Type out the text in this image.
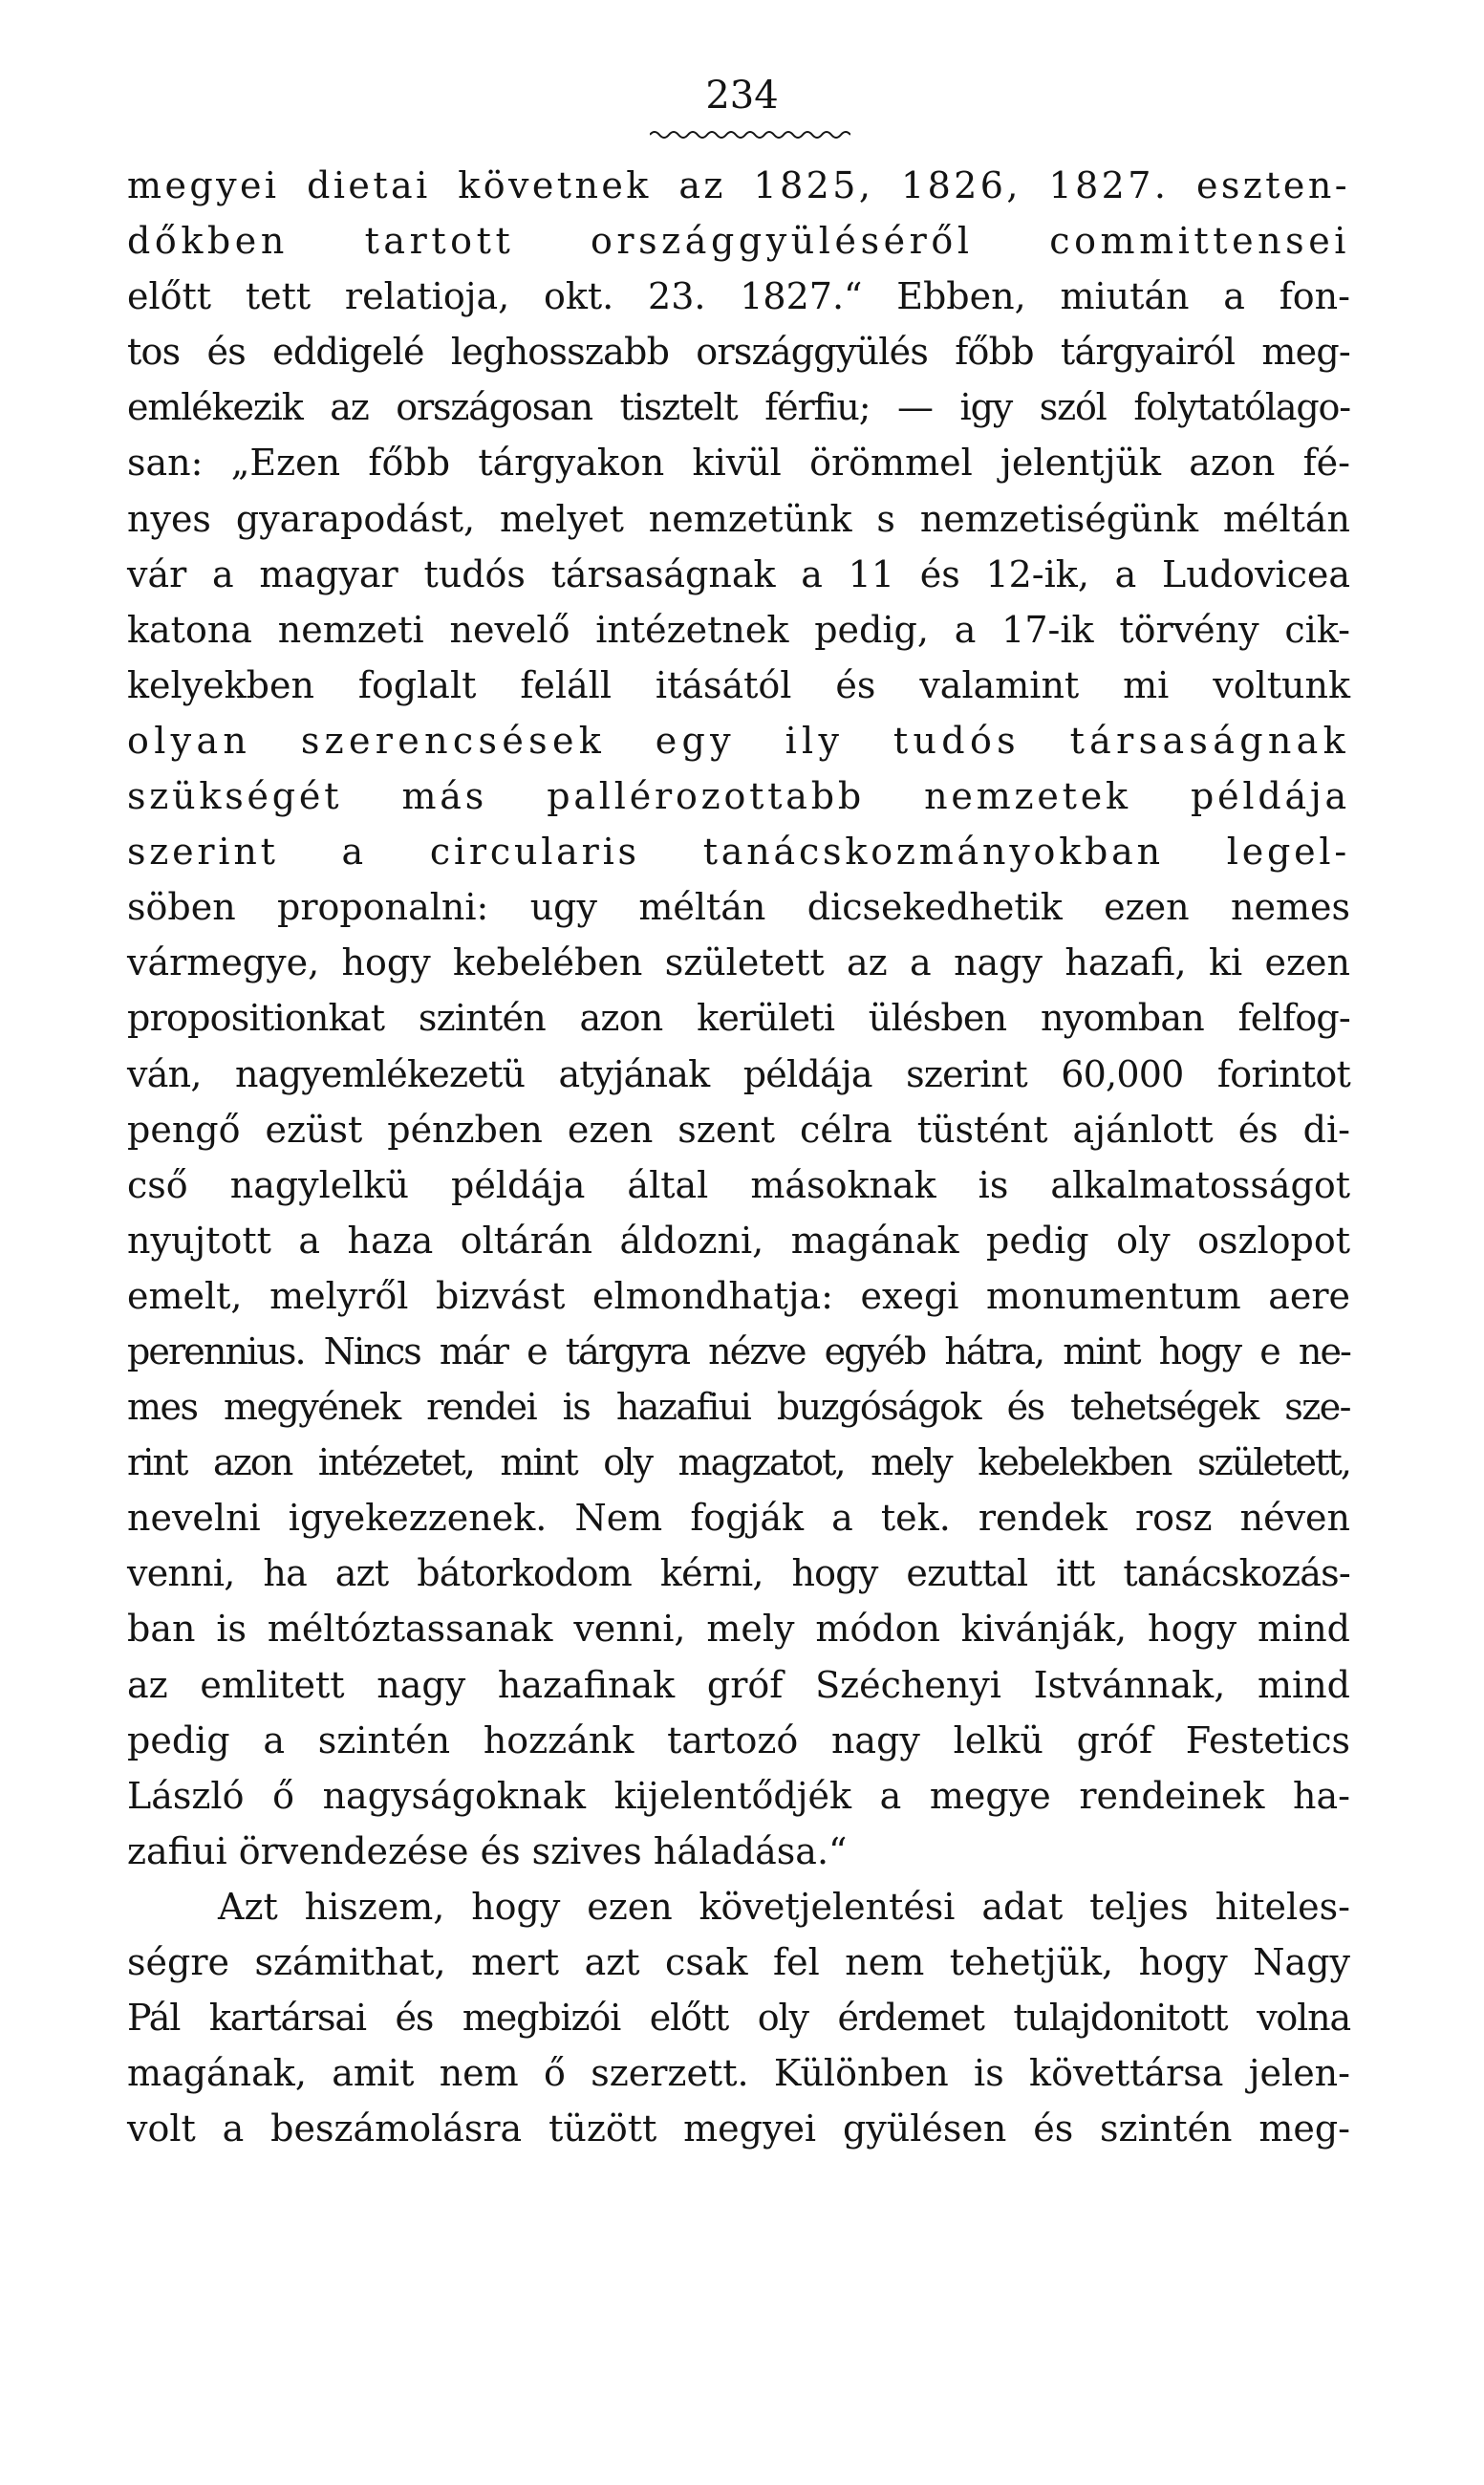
234
megyei dietai követnek az 1825, 1826, 1827. eszten-
dőkben tartott országgyüléséről committensei
előtt tett relatioja, okt. 23. 1827.“ Ebben, miután a fon-
tos és eddigelé leghosszabb országgyülés főbb tárgyairól meg-
emlékezik az országosan tisztelt férfiu; — igy szól folytatólago-
san: „Ezen főbb tárgyakon kivül örömmel jelentjük azon fé-
nyes gyarapodást, melyet nemzetünk s nemzetiségünk méltán
vár a magyar tudós társaságnak a 11 és 12-ik, a Ludovicea
katona nemzeti nevelő intézetnek pedig, a 17-ik törvény cik-
kelyekben foglalt feláll itásától és valamint mi voltunk
olyan szerencsések egy ily tudós társaságnak
szükségét más pallérozottabb nemzetek példája
szerint a circularis tanácskozmányokban legel-
söben proponalni: ugy méltán dicsekedhetik ezen nemes
vármegye, hogy kebelében született az a nagy hazafi, ki ezen
propositionkat szintén azon kerületi ülésben nyomban felfog-
ván, nagyemlékezetü atyjának példája szerint 60,000 forintot
pengő ezüst pénzben ezen szent célra tüstént ajánlott és di-
cső nagylelkü példája által másoknak is alkalmatosságot
nyujtott a haza oltárán áldozni, magának pedig oly oszlopot
emelt, melyről bizvást elmondhatja: exegi monumentum aere
perennius. Nincs már e tárgyra nézve egyéb hátra, mint hogy e ne-
mes megyének rendei is hazafiui buzgóságok és tehetségek sze-
rint azon intézetet, mint oly magzatot, mely kebelekben született,
nevelni igyekezzenek. Nem fogják a tek. rendek rosz néven
venni, ha azt bátorkodom kérni, hogy ezuttal itt tanácskozás-
ban is méltóztassanak venni, mely módon kivánják, hogy mind
az emlitett nagy hazafinak gróf Széchenyi Istvánnak, mind
pedig a szintén hozzánk tartozó nagy lelkü gróf Festetics
László ő nagyságoknak kijelentődjék a megye rendeinek ha-
zafiui örvendezése és szives háladása.“
Azt hiszem, hogy ezen követjelentési adat teljes hiteles-
ségre számithat, mert azt csak fel nem tehetjük, hogy Nagy
Pál kartársai és megbizói előtt oly érdemet tulajdonitott volna
magának, amit nem ő szerzett. Különben is követtársa jelen-
volt a beszámolásra tüzött megyei gyülésen és szintén meg-
